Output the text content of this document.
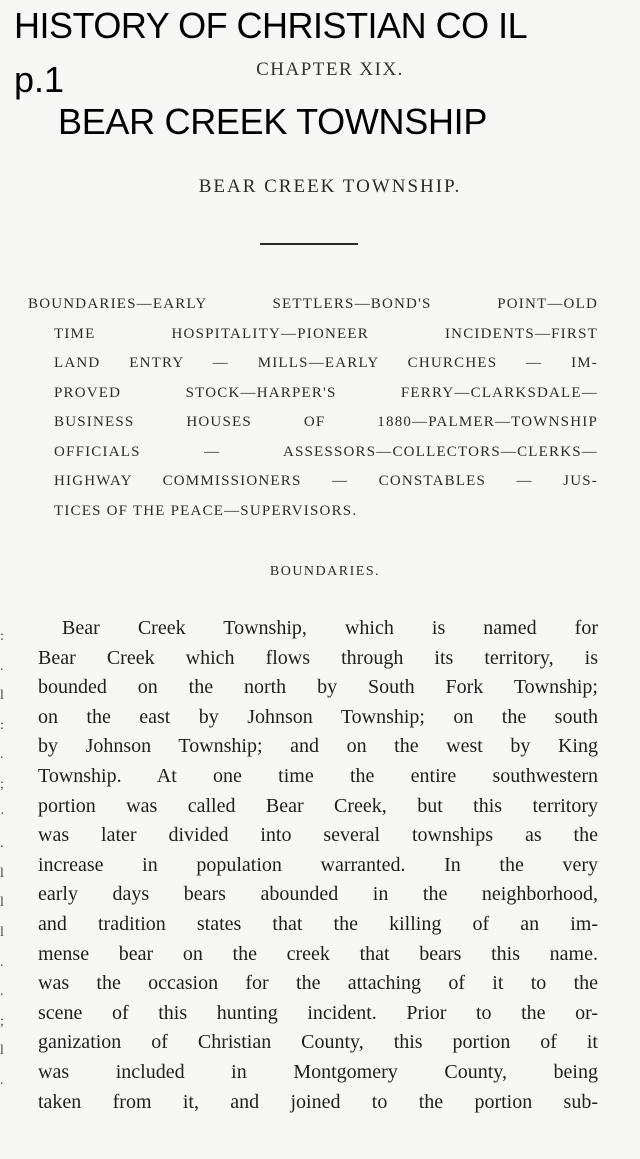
HISTORY OF CHRISTIAN CO IL
p.1
BEAR CREEK TOWNSHIP
CHAPTER XIX.
BEAR CREEK TOWNSHIP.
BOUNDARIES—EARLY SETTLERS—BOND'S POINT—OLD
TIME HOSPITALITY—PIONEER INCIDENTS—FIRST
LAND ENTRY — MILLS—EARLY CHURCHES — IM-
PROVED STOCK—HARPER'S FERRY—CLARKSDALE—
BUSINESS HOUSES OF 1880—PALMER—TOWNSHIP
OFFICIALS — ASSESSORS—COLLECTORS—CLERKS—
HIGHWAY COMMISSIONERS — CONSTABLES — JUS-
TICES OF THE PEACE—SUPERVISORS.
BOUNDARIES.
:
.
l
:
.
;
·
.
l
l
l
.
.
;
l
.
Bear Creek Township, which is named for
Bear Creek which flows through its territory, is
bounded on the north by South Fork Township;
on the east by Johnson Township; on the south
by Johnson Township; and on the west by King
Township. At one time the entire southwestern
portion was called Bear Creek, but this territory
was later divided into several townships as the
increase in population warranted. In the very
early days bears abounded in the neighborhood,
and tradition states that the killing of an im-
mense bear on the creek that bears this name.
was the occasion for the attaching of it to the
scene of this hunting incident. Prior to the or-
ganization of Christian County, this portion of it
was included in Montgomery County, being
taken from it, and joined to the portion sub-
